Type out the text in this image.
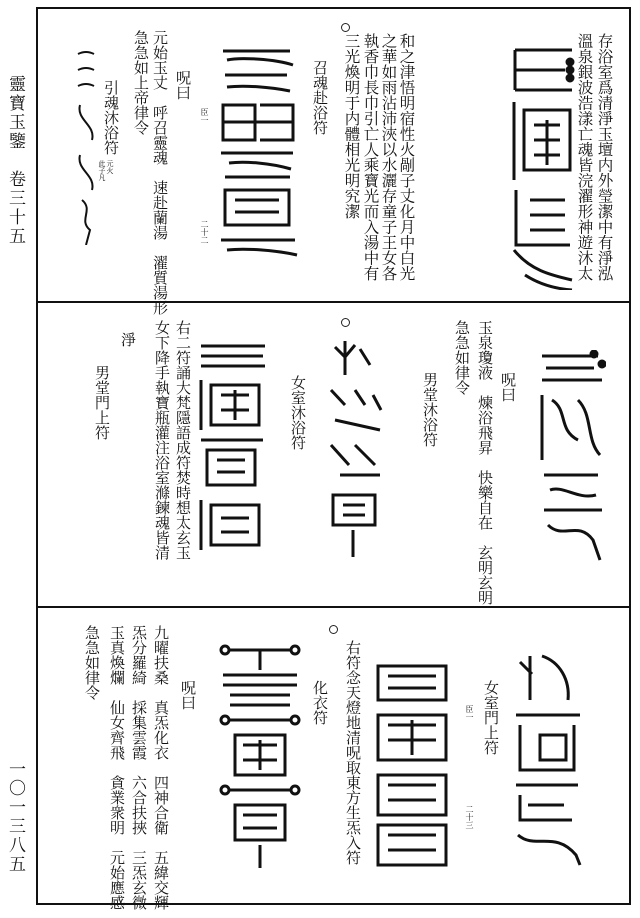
靈寶玉鑒　卷三十五
一〇一三八五
存浴室爲清淨玉壇内外瑩潔中有淨泓
溫泉銀波浩漾亡魂皆浣濯形神遊沐太
和之津悟明宿性火剮子丈化月中白光
之華如雨沾沛浹以水灑存童子王女各
執香巾長巾引亡人乘寶光而入湯中有
三光煥明于内體相光明究潔
召魂赴浴符
臣一
二十二
呪曰
元始玉丈　呼召靈魂　速赴蘭湯　濯質湯形
急急如上帝律令
引魂沐浴符
此子凡 元火
呪曰
玉泉瓊液　煉浴飛昇　快樂自在　玄明玄明
急急如律令
男堂沐浴符
女室沐浴符
右二符誦大梵隱語成符焚時想太玄玉
女下降手執寶瓶灌注浴室滌鍊魂皆清
淨
男堂門上符
女室門上符
臣一
二十三
右符念天燈地清呪取東方生炁入符
化衣符
呪曰
九曜扶桑　真炁化衣　四神合衛　五緯交輝
炁分羅綺　採集雲霞　六合扶挾　三炁玄微
玉真煥爛　仙女齊飛　貪業衆明　元始應感
急急如律令
